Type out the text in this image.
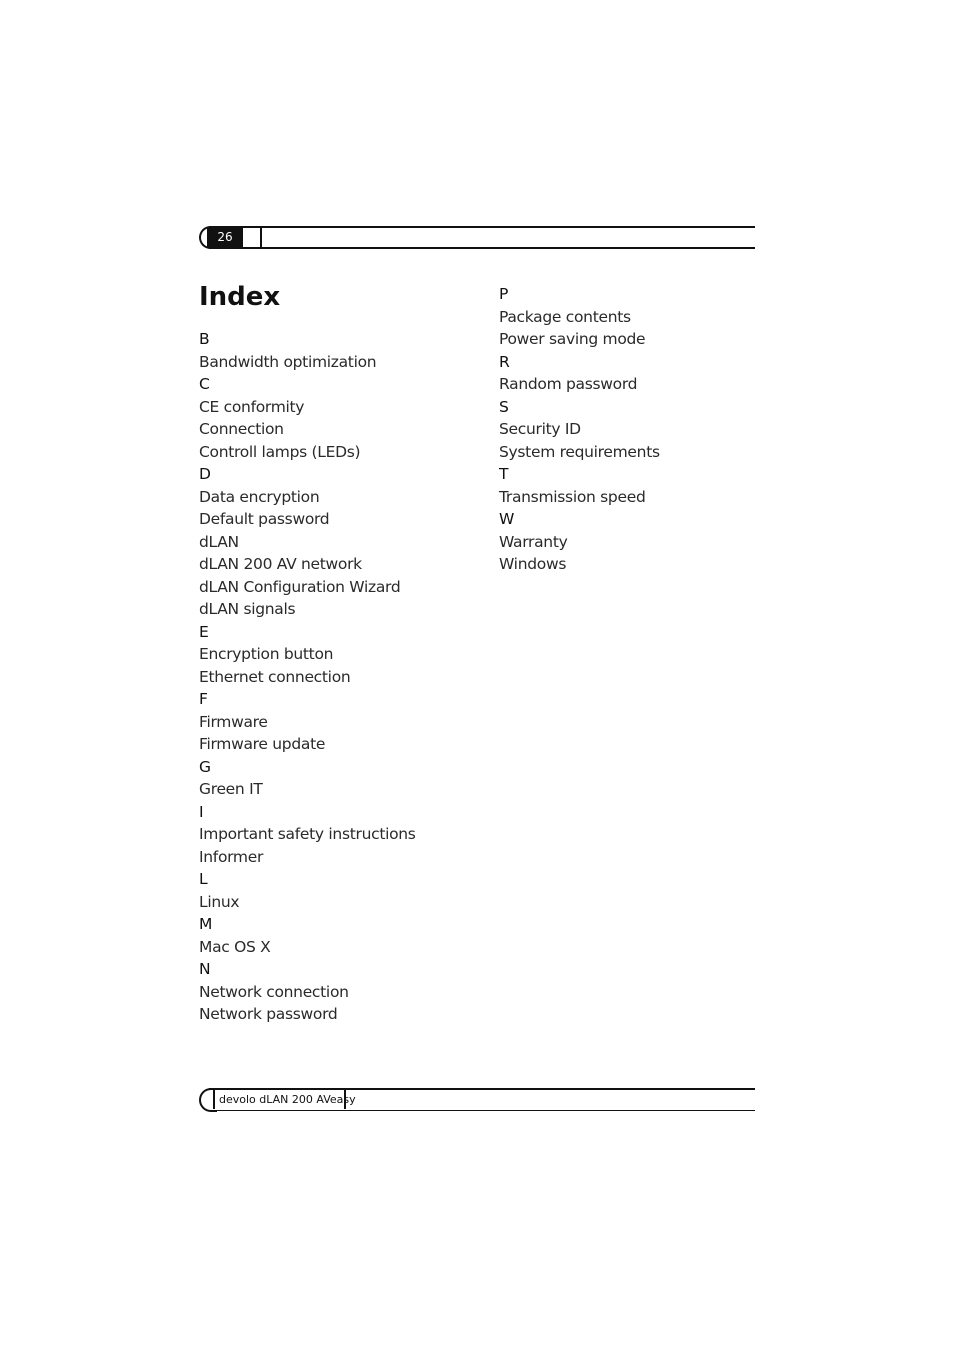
26
Index
B
Bandwidth optimization
C
CE conformity
Connection
Controll lamps (LEDs)
D
Data encryption
Default password
dLAN
dLAN 200 AV network
dLAN Configuration Wizard
dLAN signals
E
Encryption button
Ethernet connection
F
Firmware
Firmware update
G
Green IT
I
Important safety instructions
Informer
L
Linux
M
Mac OS X
N
Network connection
Network password
P
Package contents
Power saving mode
R
Random password
S
Security ID
System requirements
T
Transmission speed
W
Warranty
Windows
devolo dLAN 200 AVeasy
